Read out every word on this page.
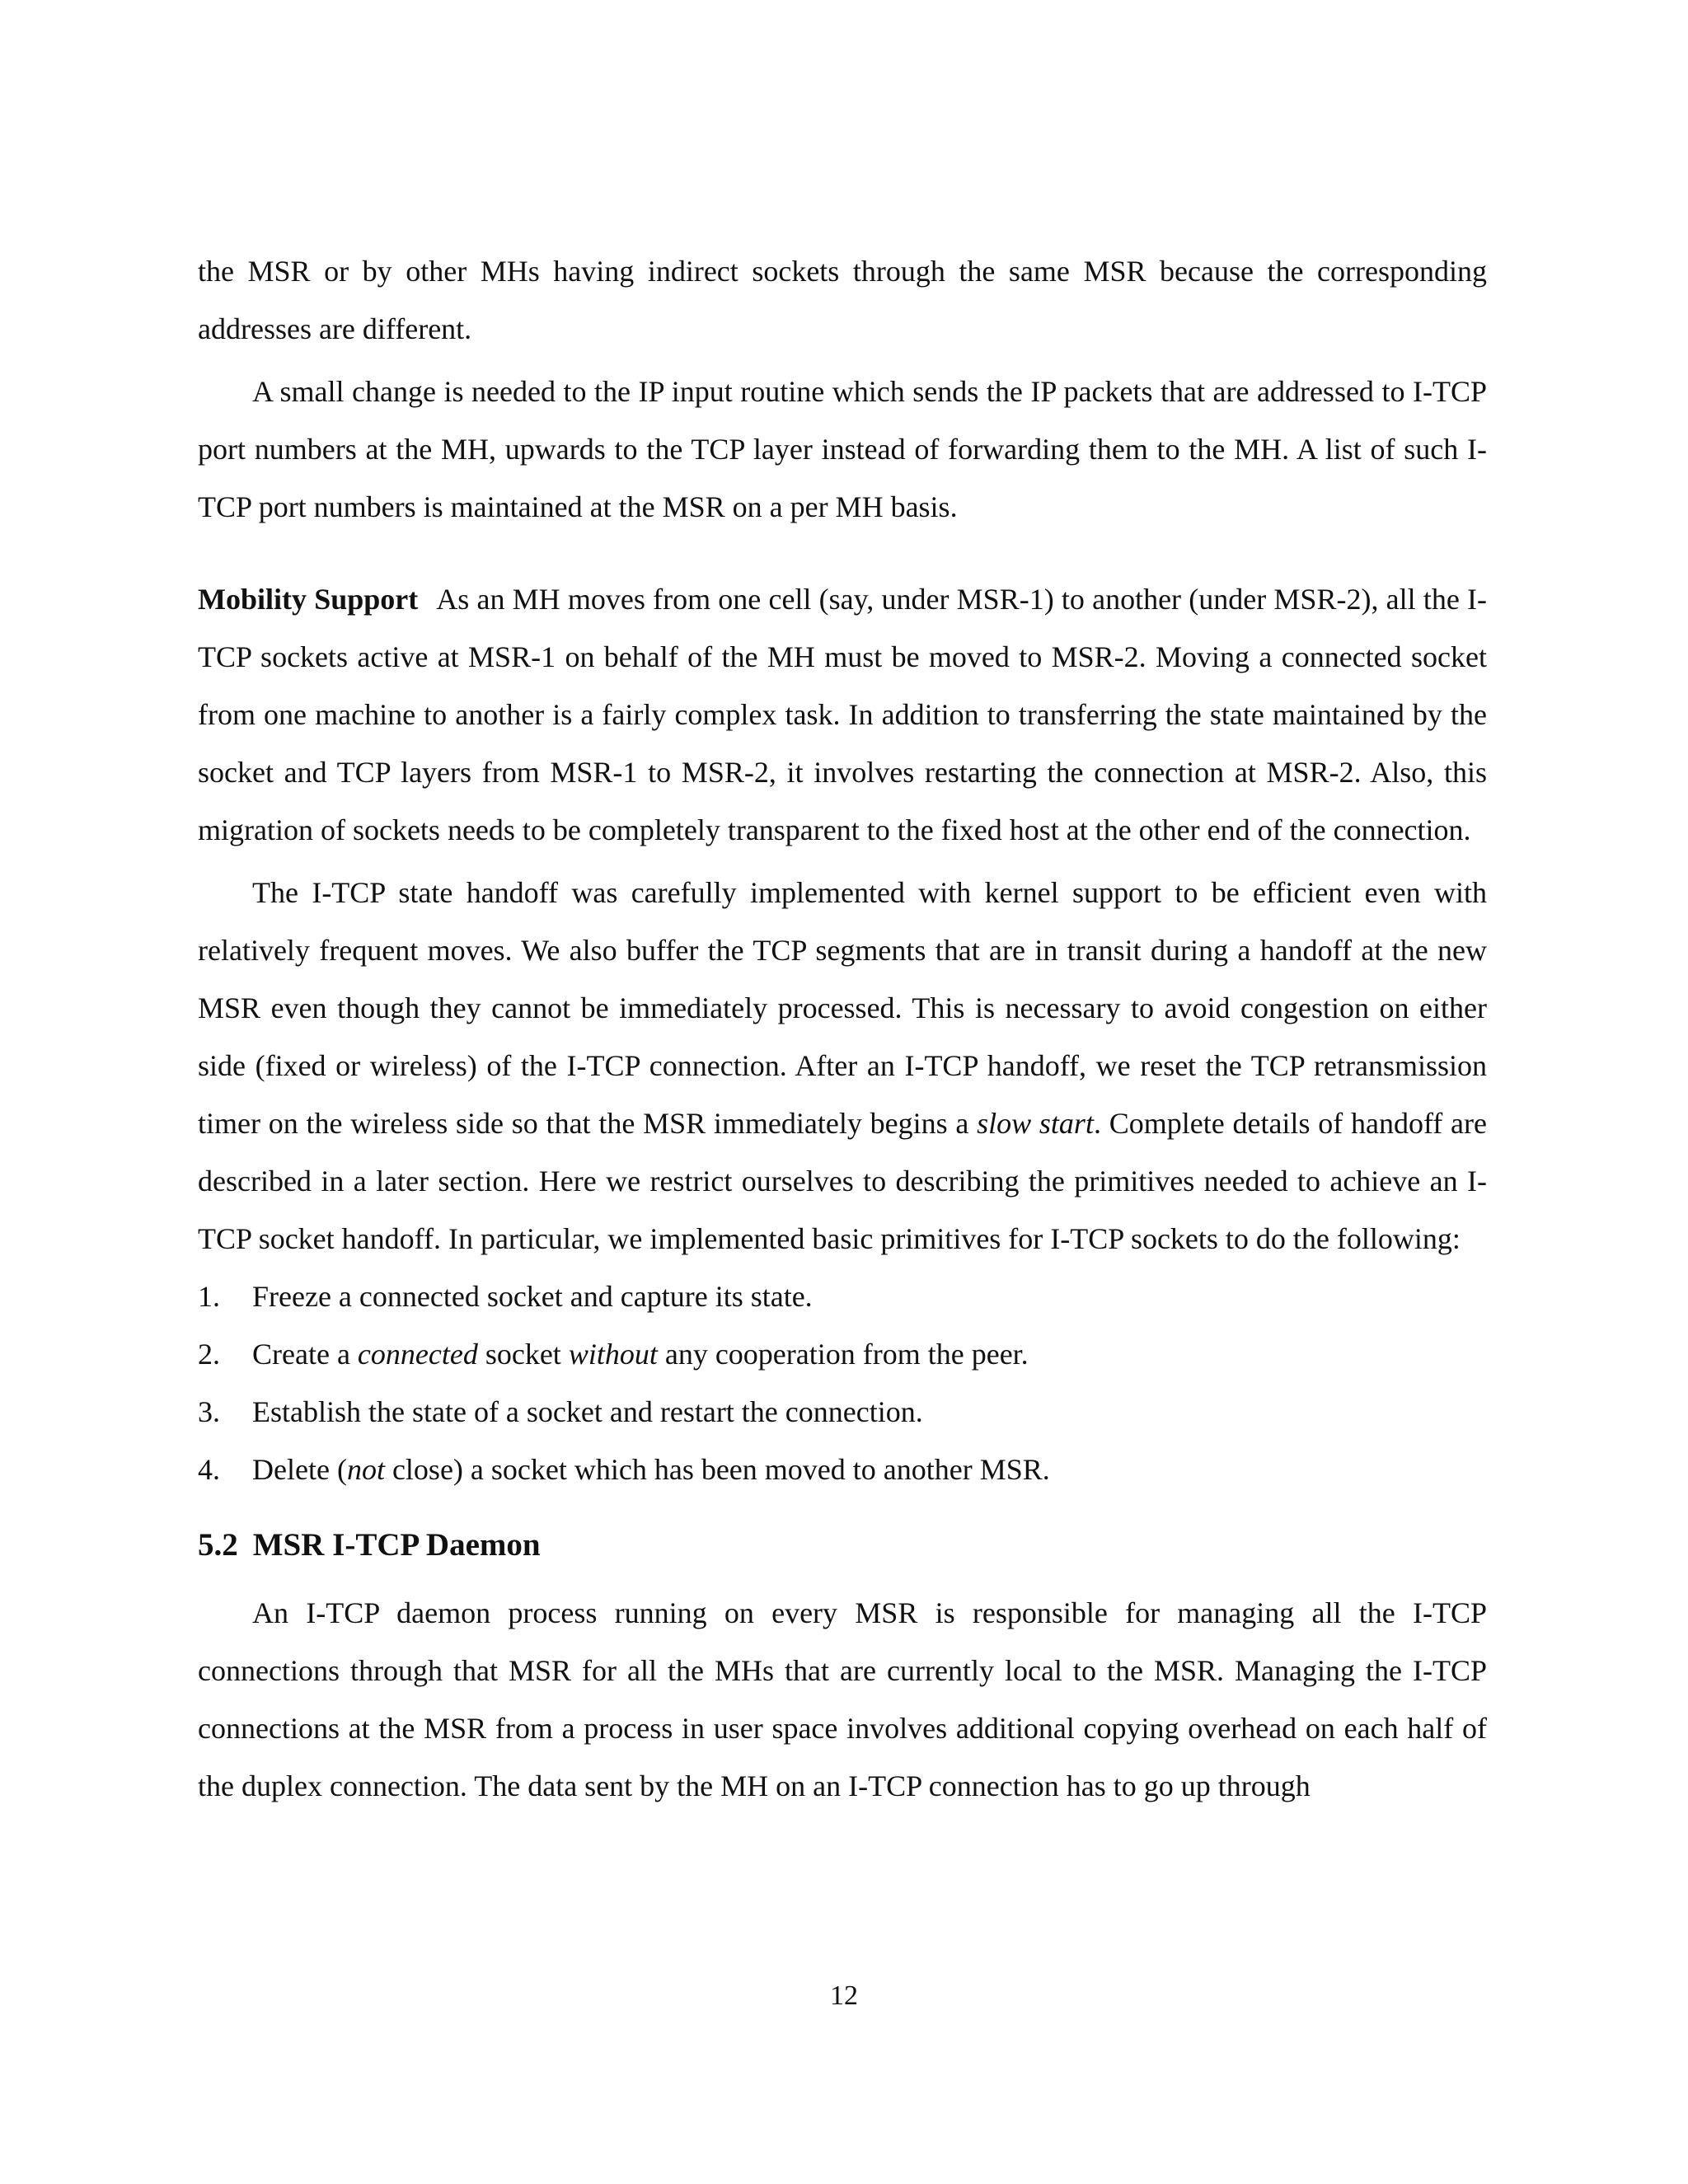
the MSR or by other MHs having indirect sockets through the same MSR because the corresponding addresses are different.

A small change is needed to the IP input routine which sends the IP packets that are addressed to I-TCP port numbers at the MH, upwards to the TCP layer instead of forwarding them to the MH. A list of such I-TCP port numbers is maintained at the MSR on a per MH basis.

Mobility Support As an MH moves from one cell (say, under MSR-1) to another (under MSR-2), all the I-TCP sockets active at MSR-1 on behalf of the MH must be moved to MSR-2. Moving a connected socket from one machine to another is a fairly complex task. In addition to transferring the state maintained by the socket and TCP layers from MSR-1 to MSR-2, it involves restarting the connection at MSR-2. Also, this migration of sockets needs to be completely transparent to the fixed host at the other end of the connection.

The I-TCP state handoff was carefully implemented with kernel support to be efficient even with relatively frequent moves. We also buffer the TCP segments that are in transit during a handoff at the new MSR even though they cannot be immediately processed. This is necessary to avoid congestion on either side (fixed or wireless) of the I-TCP connection. After an I-TCP handoff, we reset the TCP retransmission timer on the wireless side so that the MSR immediately begins a slow start. Complete details of handoff are described in a later section. Here we restrict ourselves to describing the primitives needed to achieve an I-TCP socket handoff. In particular, we implemented basic primitives for I-TCP sockets to do the following:

1.	Freeze a connected socket and capture its state.
2.	Create a connected socket without any cooperation from the peer.
3.	Establish the state of a socket and restart the connection.
4.	Delete (not close) a socket which has been moved to another MSR.
5.2 MSR I-TCP Daemon

An I-TCP daemon process running on every MSR is responsible for managing all the I-TCP connections through that MSR for all the MHs that are currently local to the MSR. Managing the I-TCP connections at the MSR from a process in user space involves additional copying overhead on each half of the duplex connection. The data sent by the MH on an I-TCP connection has to go up through

12
